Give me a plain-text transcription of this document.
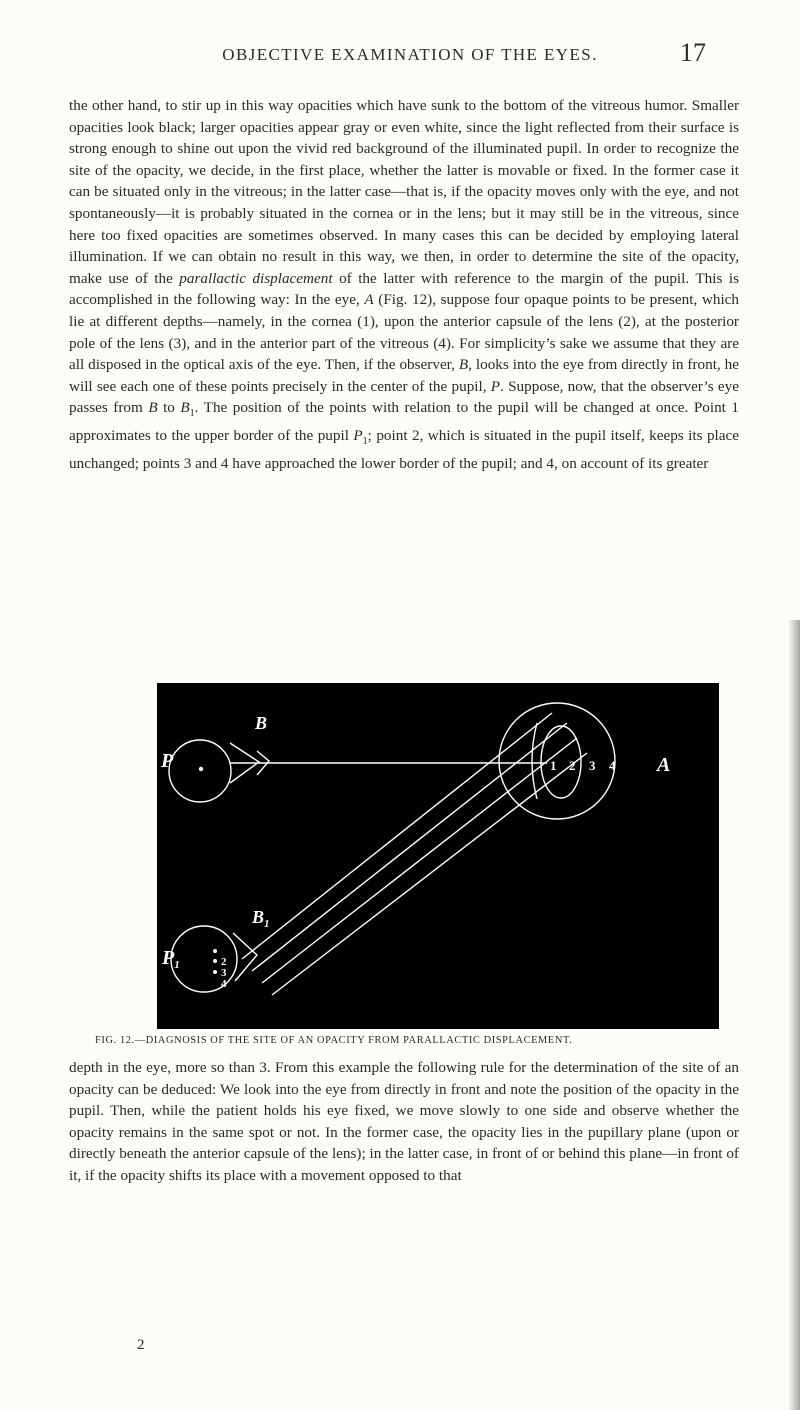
OBJECTIVE EXAMINATION OF THE EYES.	17

the other hand, to stir up in this way opacities which have sunk to the bottom of the vitreous humor. Smaller opacities look black; larger opacities appear gray or even white, since the light reflected from their surface is strong enough to shine out upon the vivid red background of the illuminated pupil. In order to recognize the site of the opacity, we decide, in the first place, whether the latter is movable or fixed. In the former case it can be situated only in the vitreous; in the latter case—that is, if the opacity moves only with the eye, and not spontaneously—it is probably situated in the cornea or in the lens; but it may still be in the vitreous, since here too fixed opacities are sometimes observed. In many cases this can be decided by employing lateral illumination. If we can obtain no result in this way, we then, in order to determine the site of the opacity, make use of the parallactic displacement of the latter with reference to the margin of the pupil. This is accomplished in the following way: In the eye, A (Fig. 12), suppose four opaque points to be present, which lie at different depths—namely, in the cornea (1), upon the anterior capsule of the lens (2), at the posterior pole of the lens (3), and in the anterior part of the vitreous (4). For simplicity’s sake we assume that they are all disposed in the optical axis of the eye. Then, if the observer, B, looks into the eye from directly in front, he will see each one of these points precisely in the center of the pupil, P. Suppose, now, that the observer’s eye passes from B to $B_1$. The position of the points with relation to the pupil will be changed at once. Point 1 approximates to the upper border of the pupil $P_1$; point 2, which is situated in the pupil itself, keeps its place unchanged; points 3 and 4 have approached the lower border of the pupil; and 4, on account of its greater

B
P	A
$B_1$
$P_1$
1 2 3 4
2
3
4
FIG. 12.—DIAGNOSIS OF THE SITE OF AN OPACITY FROM PARALLACTIC DISPLACEMENT.

depth in the eye, more so than 3. From this example the following rule for the determination of the site of an opacity can be deduced: We look into the eye from directly in front and note the position of the opacity in the pupil. Then, while the patient holds his eye fixed, we move slowly to one side and observe whether the opacity remains in the same spot or not. In the former case, the opacity lies in the pupillary plane (upon or directly beneath the anterior capsule of the lens); in the latter case, in front of or behind this plane—in front of it, if the opacity shifts its place with a movement opposed to that

2
